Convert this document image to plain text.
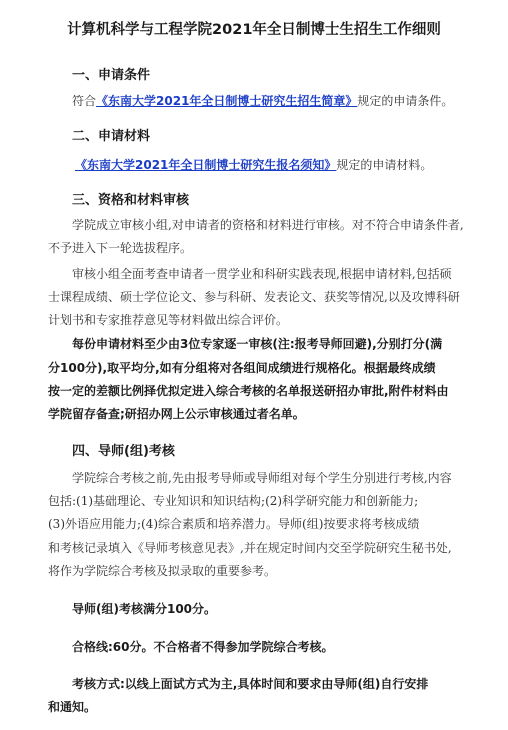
计算机科学与工程学院2021年全日制博士生招生工作细则
一、申请条件
符合《东南大学2021年全日制博士研究生招生简章》规定的申请条件。
二、申请材料
《东南大学2021年全日制博士研究生报名须知》规定的申请材料。
三、资格和材料审核
学院成立审核小组,对申请者的资格和材料进行审核。对不符合申请条件者,
不予进入下一轮选拔程序。
审核小组全面考查申请者一贯学业和科研实践表现,根据申请材料,包括硕
士课程成绩、硕士学位论文、参与科研、发表论文、获奖等情况,以及攻博科研
计划书和专家推荐意见等材料做出综合评价。
每份申请材料至少由3位专家逐一审核(注:报考导师回避),分别打分(满
分100分),取平均分,如有分组将对各组间成绩进行规格化。根据最终成绩
按一定的差额比例择优拟定进入综合考核的名单报送研招办审批,附件材料由
学院留存备查;研招办网上公示审核通过者名单。
四、导师(组)考核
学院综合考核之前,先由报考导师或导师组对每个学生分别进行考核,内容
包括:(1)基础理论、专业知识和知识结构;(2)科学研究能力和创新能力;
(3)外语应用能力;(4)综合素质和培养潜力。导师(组)按要求将考核成绩
和考核记录填入《导师考核意见表》,并在规定时间内交至学院研究生秘书处,
将作为学院综合考核及拟录取的重要参考。
导师(组)考核满分100分。
合格线:60分。不合格者不得参加学院综合考核。
考核方式:以线上面试方式为主,具体时间和要求由导师(组)自行安排
和通知。
